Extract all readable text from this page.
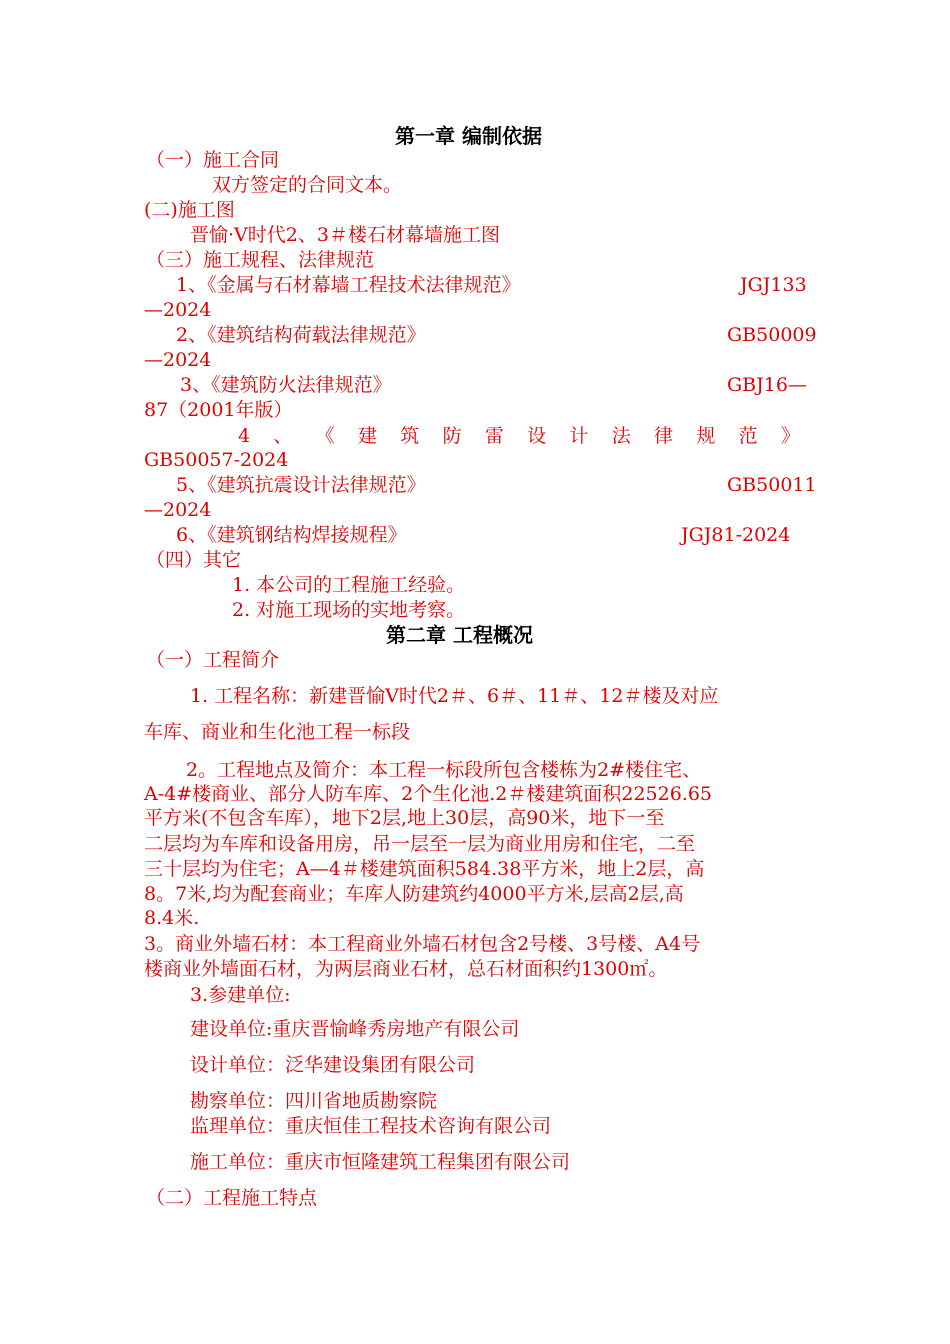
第一章 编制依据
（一）施工合同
双方签定的合同文本。
(二)施工图
晋愉·V时代2、3＃楼石材幕墙施工图
（三）施工规程、法律规范
1、《金属与石材幕墙工程技术法律规范》	JGJ133
—2024
2、《建筑结构荷载法律规范》	GB50009
—2024
3、《建筑防火法律规范》	GBJ16—
87（2001年版）
4 、 《 建 筑 防 雷 设 计 法 律 规 范 》
GB50057-2024
5、《建筑抗震设计法律规范》	GB50011
—2024
6、《建筑钢结构焊接规程》	JGJ81-2024
（四）其它
1. 本公司的工程施工经验。
2. 对施工现场的实地考察。
第二章 工程概况
（一）工程简介
1. 工程名称：新建晋愉Ⅴ时代2＃、6＃、11＃、12＃楼及对应
车库、商业和生化池工程一标段
2。工程地点及简介：本工程一标段所包含楼栋为2#楼住宅、
A-4#楼商业、部分人防车库、2个生化池.2＃楼建筑面积22526.65
平方米(不包含车库），地下2层,地上30层，高90米，地下一至
二层均为车库和设备用房，吊一层至一层为商业用房和住宅，二至
三十层均为住宅；A—4＃楼建筑面积584.38平方米，地上2层，高
8。7米,均为配套商业；车库人防建筑约4000平方米,层高2层,高
8.4米.
3。商业外墙石材：本工程商业外墙石材包含2号楼、3号楼、A4号
楼商业外墙面石材，为两层商业石材，总石材面积约1300㎡。
3.参建单位:
建设单位:重庆晋愉峰秀房地产有限公司
设计单位：泛华建设集团有限公司
勘察单位：四川省地质勘察院
监理单位：重庆恒佳工程技术咨询有限公司
施工单位：重庆市恒隆建筑工程集团有限公司
（二）工程施工特点
